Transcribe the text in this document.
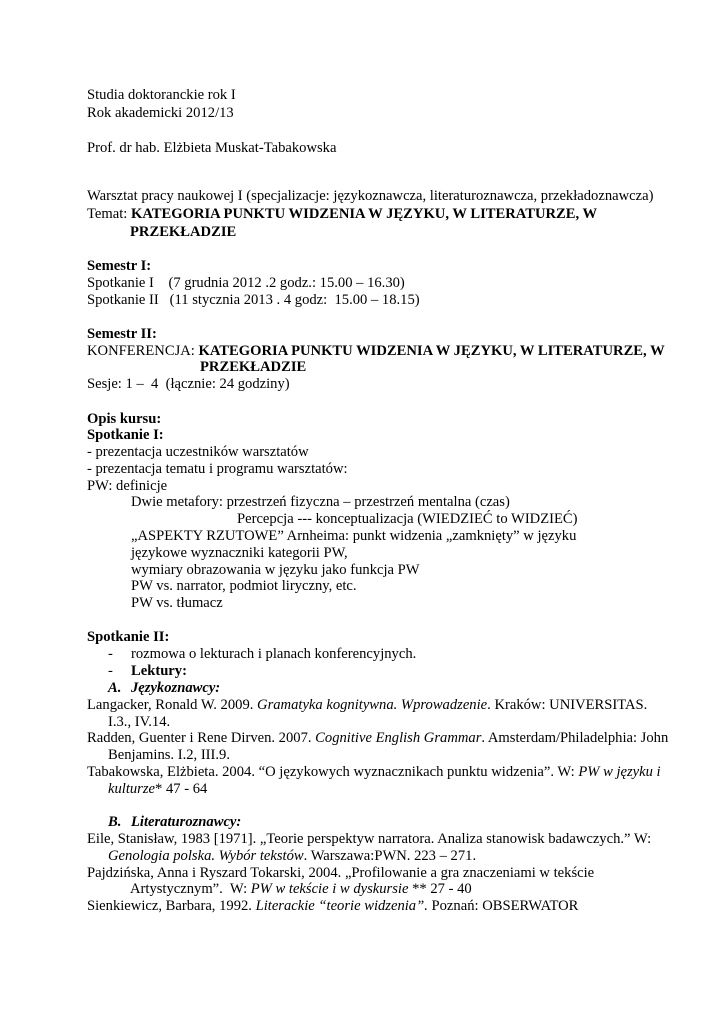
Studia doktoranckie rok I
Rok akademicki 2012/13
Prof. dr hab. Elżbieta Muskat-Tabakowska
Warsztat pracy naukowej I (specjalizacje: językoznawcza, literaturoznawcza, przekładoznawcza)
Temat: KATEGORIA PUNKTU WIDZENIA W JĘZYKU, W LITERATURZE, W
PRZEKŁADZIE
Semestr I:
Spotkanie I    (7 grudnia 2012 .2 godz.: 15.00 – 16.30)
Spotkanie II   (11 stycznia 2013 . 4 godz:  15.00 – 18.15)
Semestr II:
KONFERENCJA: KATEGORIA PUNKTU WIDZENIA W JĘZYKU, W LITERATURZE, W
PRZEKŁADZIE
Sesje: 1 –  4  (łącznie: 24 godziny)
Opis kursu:
Spotkanie I:
- prezentacja uczestników warsztatów
- prezentacja tematu i programu warsztatów:
PW: definicje
Dwie metafory: przestrzeń fizyczna – przestrzeń mentalna (czas)
Percepcja --- konceptualizacja (WIEDZIEĆ to WIDZIEĆ)
„ASPEKTY RZUTOWE” Arnheima: punkt widzenia „zamknięty” w języku
językowe wyznaczniki kategorii PW,
wymiary obrazowania w języku jako funkcja PW
PW vs. narrator, podmiot liryczny, etc.
PW vs. tłumacz
Spotkanie II:
- rozmowa o lekturach i planach konferencyjnych.
- Lektury:
A. Językoznawcy:
Langacker, Ronald W. 2009. Gramatyka kognitywna. Wprowadzenie. Kraków: UNIVERSITAS.
I.3., IV.14.
Radden, Guenter i Rene Dirven. 2007. Cognitive English Grammar. Amsterdam/Philadelphia: John
Benjamins. I.2, III.9.
Tabakowska, Elżbieta. 2004. “O językowych wyznacznikach punktu widzenia”. W: PW w języku i
kulturze* 47 - 64
B. Literaturoznawcy:
Eile, Stanisław, 1983 [1971]. „Teorie perspektyw narratora. Analiza stanowisk badawczych.” W:
Genologia polska. Wybór tekstów. Warszawa:PWN. 223 – 271.
Pajdzińska, Anna i Ryszard Tokarski, 2004. „Profilowanie a gra znaczeniami w tekście
Artystycznym”.  W: PW w tekście i w dyskursie ** 27 - 40
Sienkiewicz, Barbara, 1992. Literackie “teorie widzenia”. Poznań: OBSERWATOR
